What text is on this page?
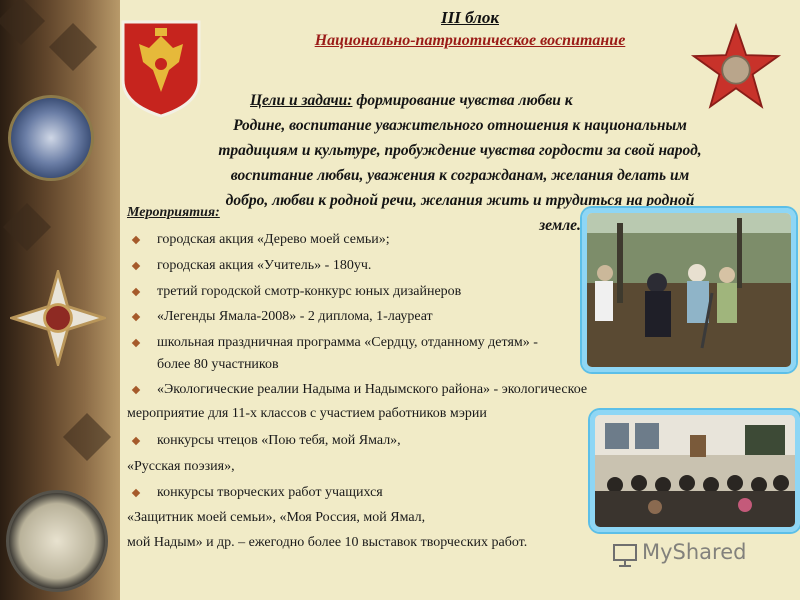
III блок
Национально-патриотическое воспитание
Цели и задачи: формирование чувства любви к
Родине, воспитание уважительного отношения к национальным
традициям и культуре, пробуждение чувства гордости за свой народ,
воспитание любви, уважения к согражданам, желания делать им
добро, любви к родной речи, желания жить и трудиться на родной
земле.
Мероприятия:
городская акция «Дерево моей семьи»;
городская акция «Учитель» - 180уч.
третий городской смотр-конкурс юных дизайнеров
«Легенды Ямала-2008» - 2 диплома, 1-лауреат
школьная праздничная программа «Сердцу, отданному детям» -
более 80 участников
«Экологические реалии Надыма и Надымского района» - экологическое
мероприятие для 11-х классов с участием работников мэрии
конкурсы чтецов «Пою тебя, мой Ямал»,
«Русская поэзия»,
конкурсы творческих работ учащихся
«Защитник моей семьи», «Моя Россия, мой Ямал,
мой Надым» и др. – ежегодно более 10 выставок творческих работ.	MyShared
